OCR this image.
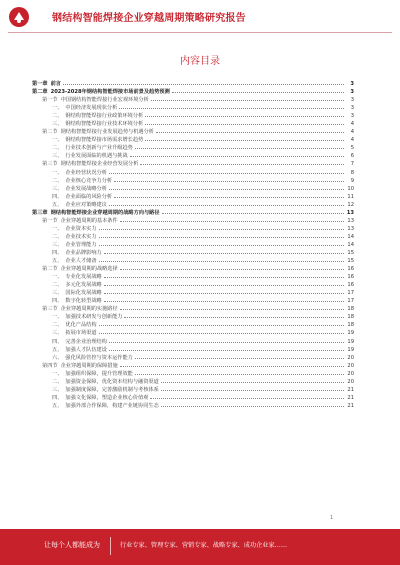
钢结构智能焊接企业穿越周期策略研究报告
内容目录
第一章 前言	3
第二章 2023-2028年钢结构智能焊接市场前景及趋势预测	3
第一节 中国钢结构智能焊接行业宏观环境分析	3
一、 中国经济发展现状分析	3
二、 钢结构智能焊接行业政策环境分析	3
三、 钢结构智能焊接行业技术环境分析	4
第二节 钢结构智能焊接行业发展趋势与机遇分析	4
一、 钢结构智能焊接市场需求增长趋势	4
二、 行业技术创新与产业升级趋势	5
三、 行业发展面临的机遇与挑战	6
第三节 钢结构智能焊接企业经营发展分析	7
一、 企业经营状况分析	8
二、 企业核心竞争力分析	9
三、 企业发展战略分析	10
四、 企业面临的风险分析	11
五、 企业应对策略建议	12
第三章 钢结构智能焊接企业穿越周期的战略方向与路径	13
第一节 企业穿越周期的基本条件	13
一、 企业资本实力	13
二、 企业技术实力	14
三、 企业管理能力	14
四、 企业品牌影响力	15
五、 企业人才储备	15
第二节 企业穿越周期的战略选择	16
一、 专业化发展战略	16
二、 多元化发展战略	16
三、 国际化发展战略	17
四、 数字化转型战略	17
第三节 企业穿越周期的实施路径	18
一、 加强技术研发与创新能力	18
二、 优化产品结构	18
三、 拓展市场渠道	19
四、 完善企业治理结构	19
五、 加强人才队伍建设	19
六、 强化风险管控与资本运作能力	20
第四节 企业穿越周期的保障措施	20
一、 加强组织保障，提升管理效能	20
二、 加强资金保障，优化资本结构与融资渠道	20
三、 加强制度保障，完善激励机制与考核体系	21
四、 加强文化保障，塑造企业核心价值观	21
五、 加强外部合作保障，构建产业链协同生态	21
1
让每个人都能成为	行业专家、管理专家、营销专家、战略专家、成功企业家……
